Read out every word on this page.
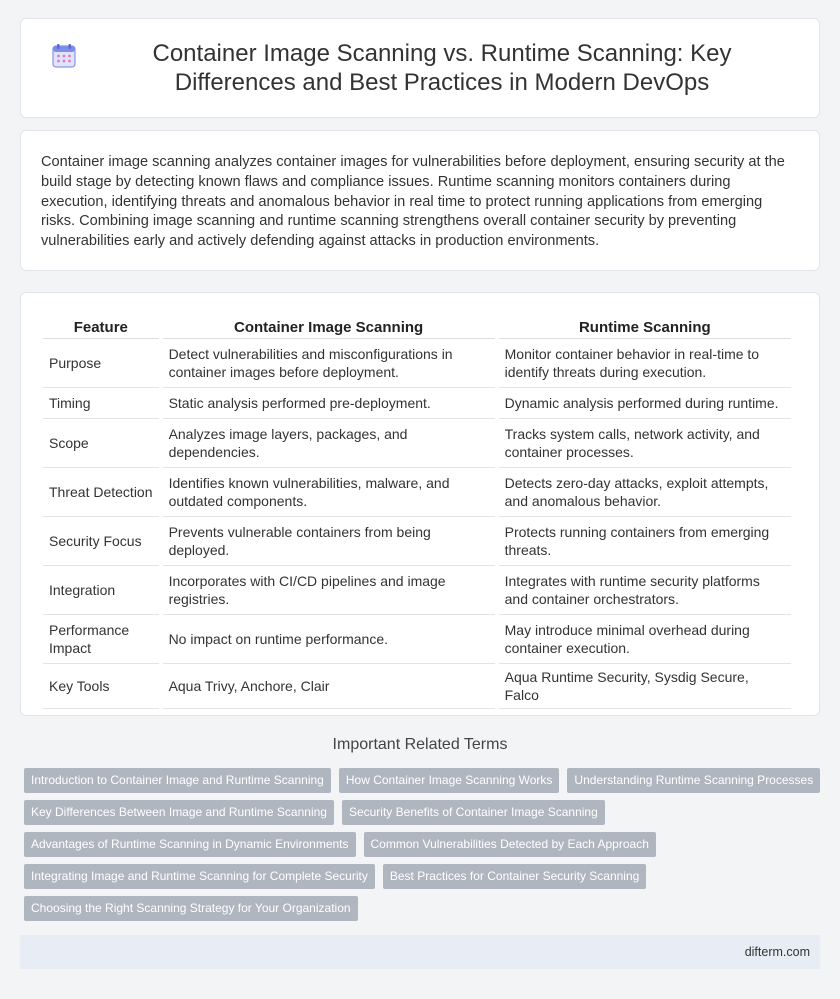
Container Image Scanning vs. Runtime Scanning: Key Differences and Best Practices in Modern DevOps

Container image scanning analyzes container images for vulnerabilities before deployment, ensuring security at the build stage by detecting known flaws and compliance issues. Runtime scanning monitors containers during execution, identifying threats and anomalous behavior in real time to protect running applications from emerging risks. Combining image scanning and runtime scanning strengthens overall container security by preventing vulnerabilities early and actively defending against attacks in production environments.

Feature	Container Image Scanning	Runtime Scanning
Purpose	Detect vulnerabilities and misconfigurations in container images before deployment.	Monitor container behavior in real-time to identify threats during execution.
Timing	Static analysis performed pre-deployment.	Dynamic analysis performed during runtime.
Scope	Analyzes image layers, packages, and dependencies.	Tracks system calls, network activity, and container processes.
Threat Detection	Identifies known vulnerabilities, malware, and outdated components.	Detects zero-day attacks, exploit attempts, and anomalous behavior.
Security Focus	Prevents vulnerable containers from being deployed.	Protects running containers from emerging threats.
Integration	Incorporates with CI/CD pipelines and image registries.	Integrates with runtime security platforms and container orchestrators.
Performance Impact	No impact on runtime performance.	May introduce minimal overhead during container execution.
Key Tools	Aqua Trivy, Anchore, Clair	Aqua Runtime Security, Sysdig Secure, Falco
Important Related Terms
Introduction to Container Image and Runtime Scanning	How Container Image Scanning Works	Understanding Runtime Scanning Processes
Key Differences Between Image and Runtime Scanning	Security Benefits of Container Image Scanning
Advantages of Runtime Scanning in Dynamic Environments	Common Vulnerabilities Detected by Each Approach
Integrating Image and Runtime Scanning for Complete Security	Best Practices for Container Security Scanning
Choosing the Right Scanning Strategy for Your Organization
difterm.com
